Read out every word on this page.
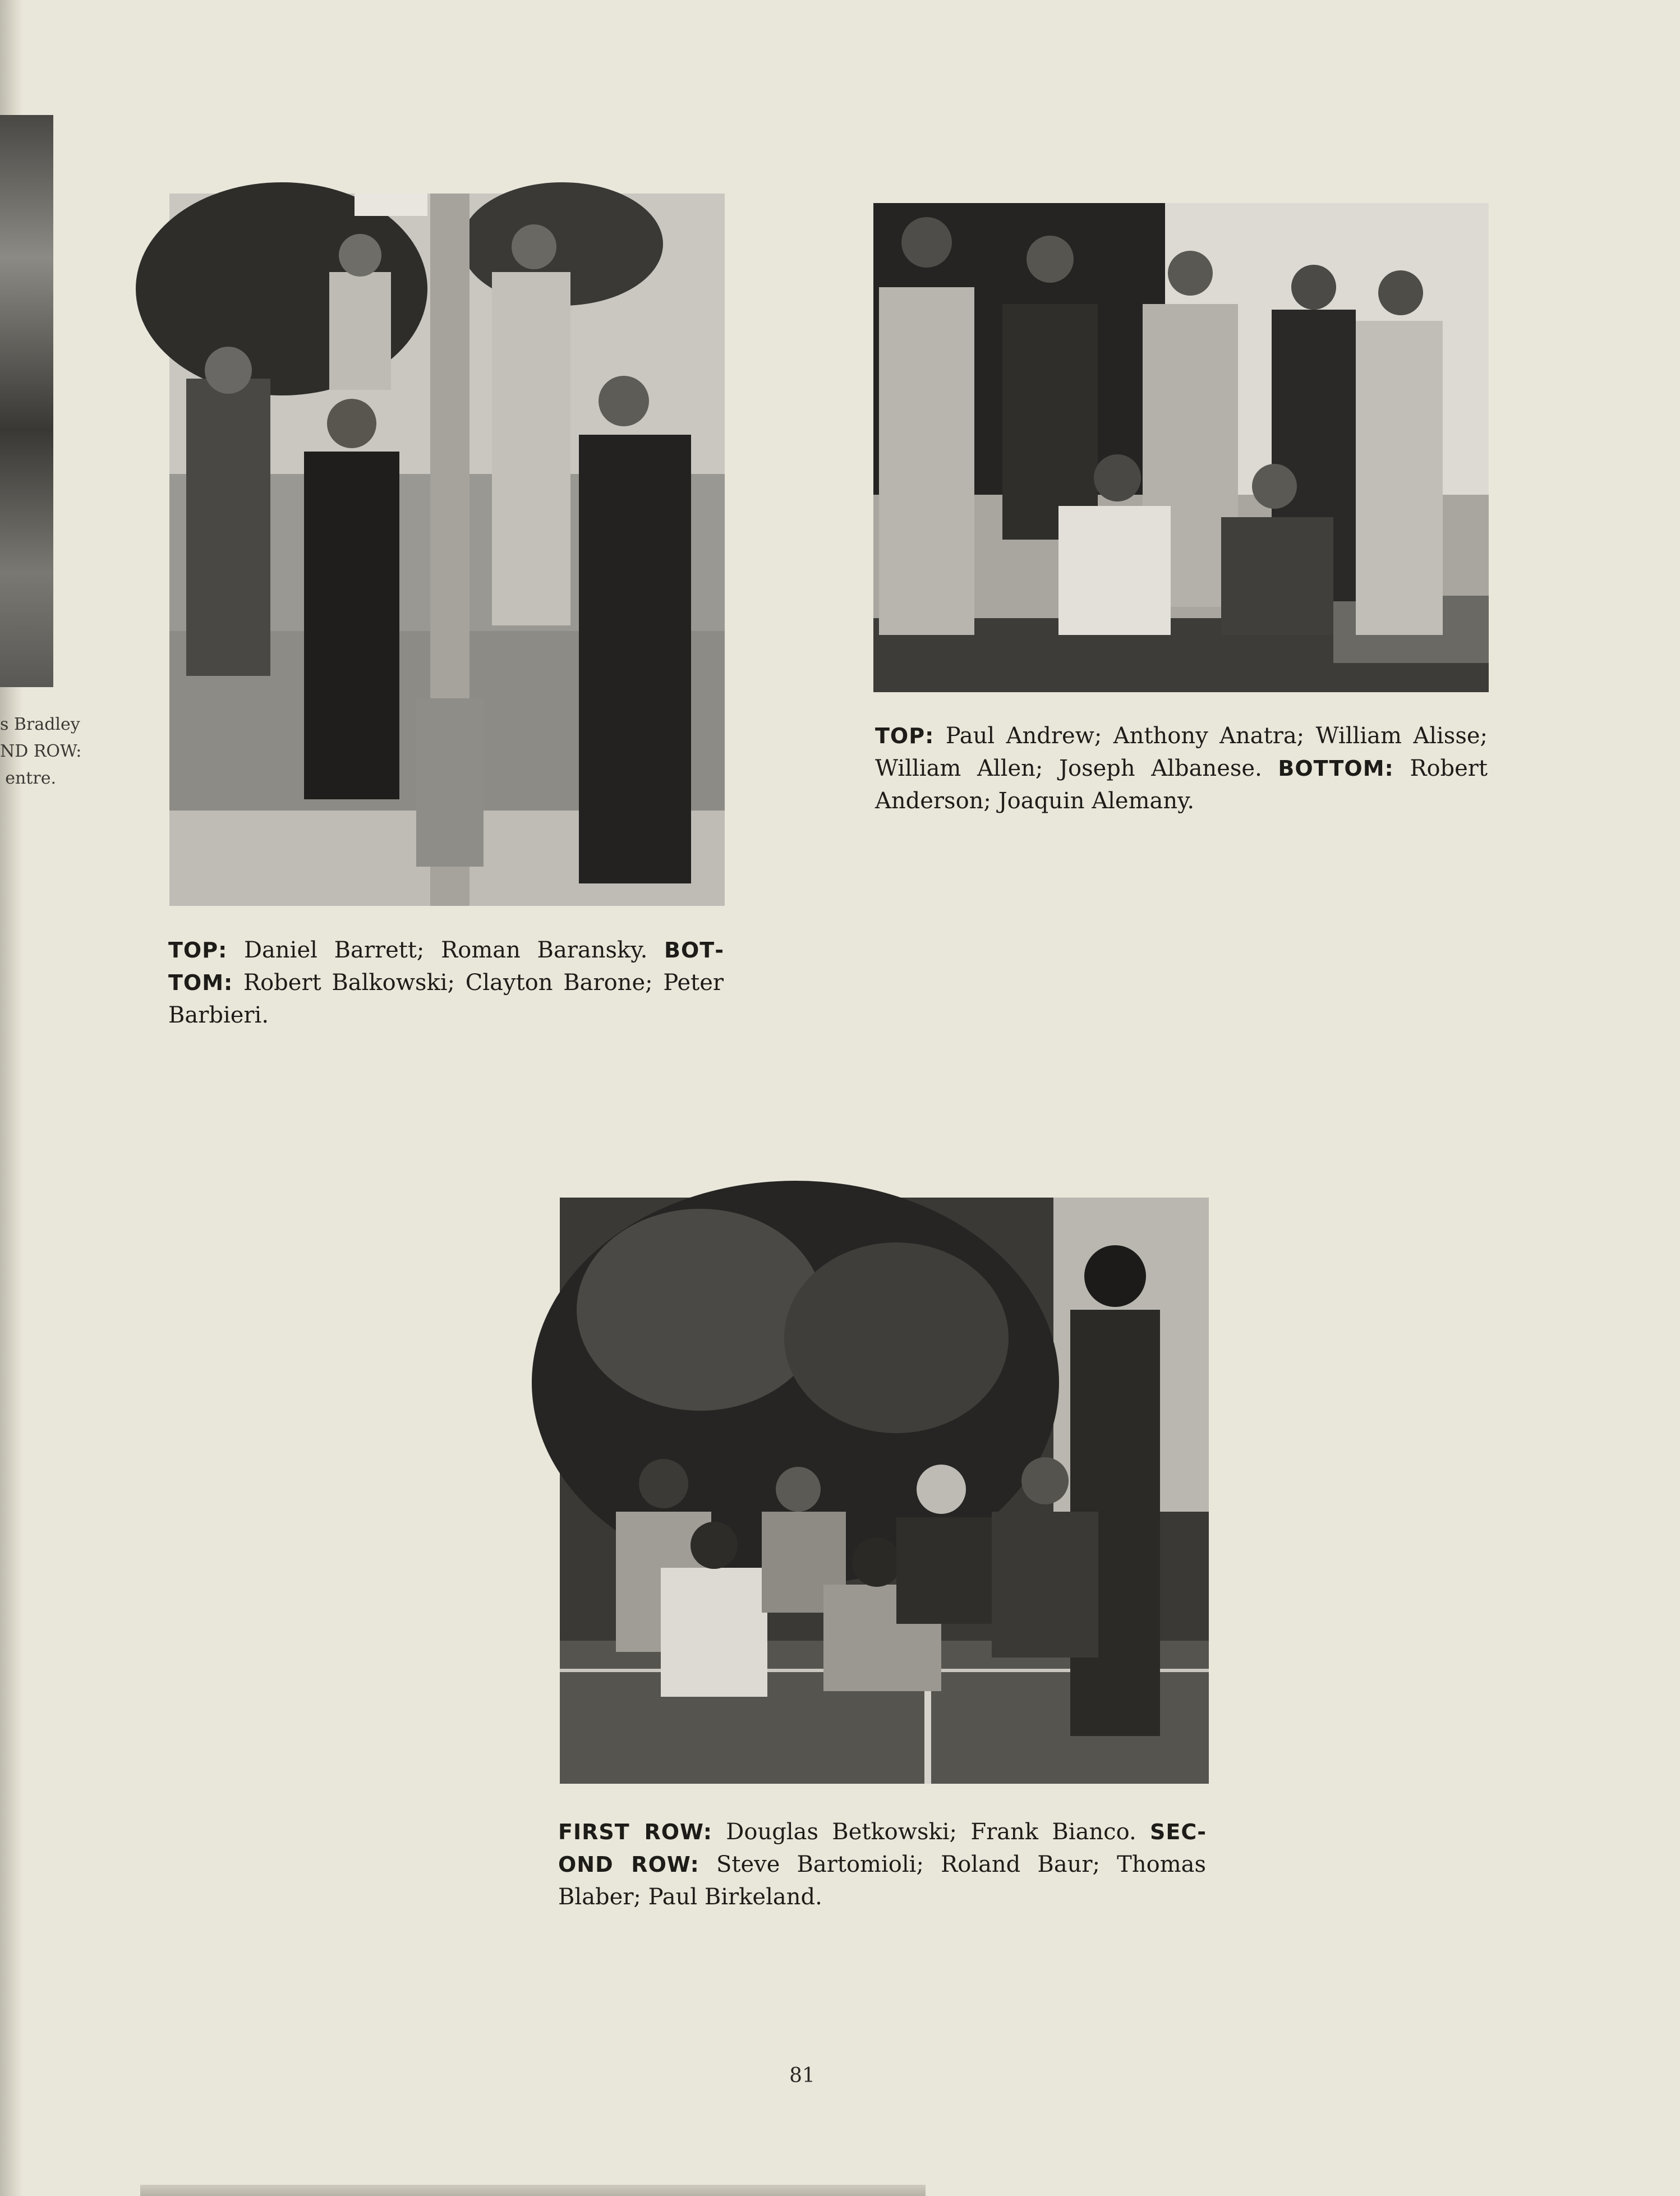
s Bradley
ND ROW:
entre.
TOP: Daniel Barrett; Roman Baransky. BOTTOM: Robert Balkowski; Clayton Barone; Peter Barbieri.
TOP: Paul Andrew; Anthony Anatra; William Alisse; William Allen; Joseph Albanese. BOTTOM: Robert Anderson; Joaquin Alemany.
FIRST ROW: Douglas Betkowski; Frank Bianco. SECOND ROW: Steve Bartomioli; Roland Baur; Thomas Blaber; Paul Birkeland.
81
